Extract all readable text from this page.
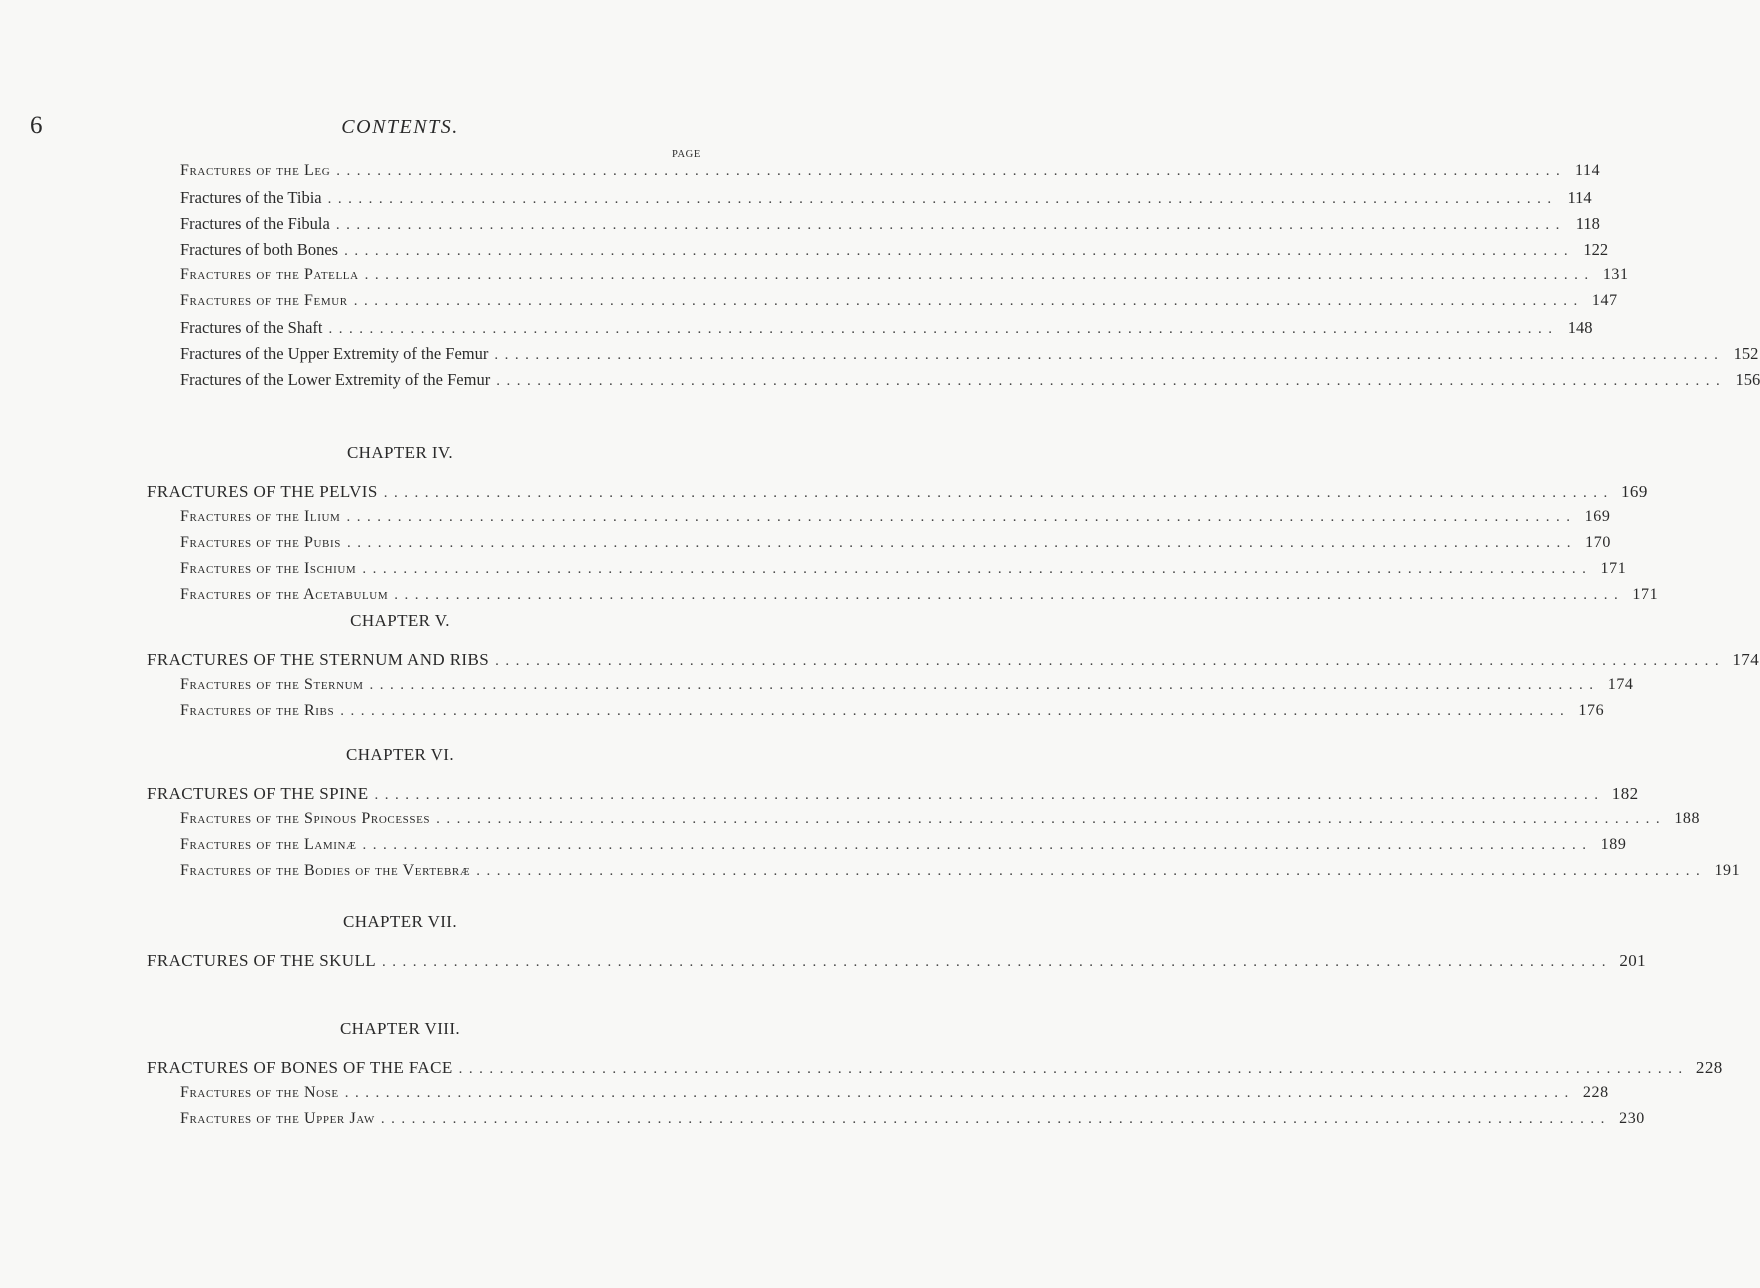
6	CONTENTS.
PAGE
Fractures of the Leg ........................................................................................................................ 114
Fractures of the Tibia ........................................................................................................................ 114
Fractures of the Fibula ........................................................................................................................ 118
Fractures of both Bones ........................................................................................................................ 122
Fractures of the Patella ........................................................................................................................ 131
Fractures of the Femur ........................................................................................................................ 147
Fractures of the Shaft ........................................................................................................................ 148
Fractures of the Upper Extremity of the Femur ........................................................................................................................ 152
Fractures of the Lower Extremity of the Femur ........................................................................................................................ 156
CHAPTER IV.
FRACTURES OF THE PELVIS ........................................................................................................................ 169
Fractures of the Ilium ........................................................................................................................ 169
Fractures of the Pubis ........................................................................................................................ 170
Fractures of the Ischium ........................................................................................................................ 171
Fractures of the Acetabulum ........................................................................................................................ 171
CHAPTER V.
FRACTURES OF THE STERNUM AND RIBS ........................................................................................................................ 174
Fractures of the Sternum ........................................................................................................................ 174
Fractures of the Ribs ........................................................................................................................ 176
CHAPTER VI.
FRACTURES OF THE SPINE ........................................................................................................................ 182
Fractures of the Spinous Processes ........................................................................................................................ 188
Fractures of the Laminæ ........................................................................................................................ 189
Fractures of the Bodies of the Vertebræ ........................................................................................................................ 191
CHAPTER VII.
FRACTURES OF THE SKULL ........................................................................................................................ 201
CHAPTER VIII.
FRACTURES OF BONES OF THE FACE ........................................................................................................................ 228
Fractures of the Nose ........................................................................................................................ 228
Fractures of the Upper Jaw ........................................................................................................................ 230
